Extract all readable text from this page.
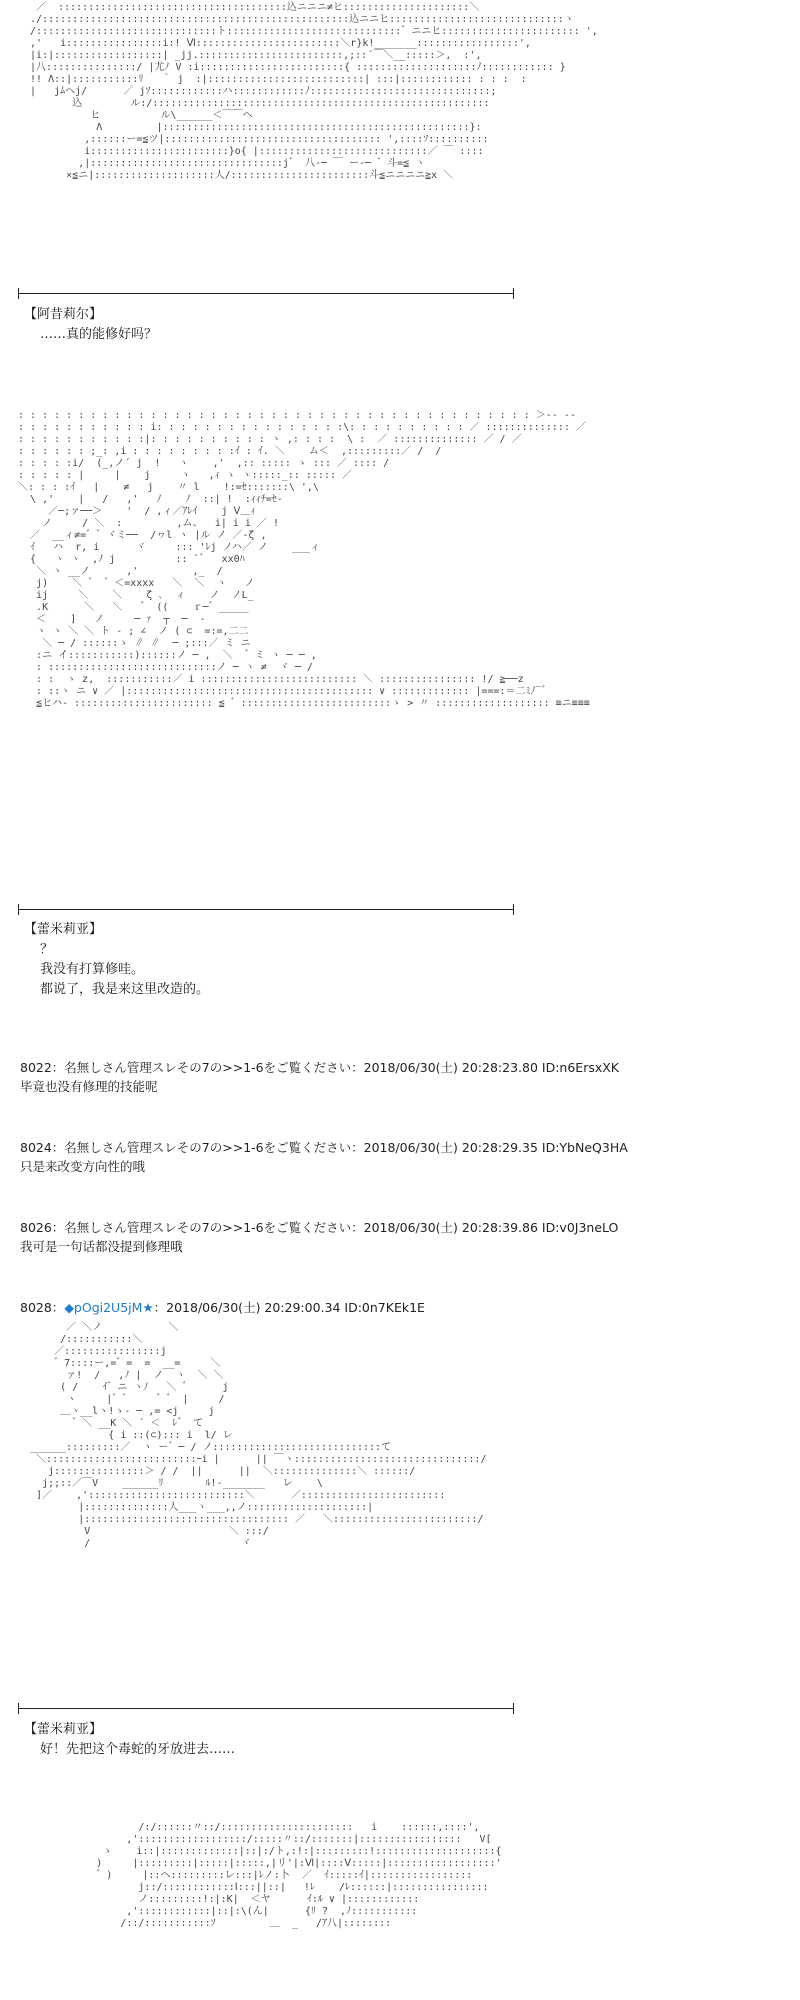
／  ::::::::::::::::::::::::::::::::::::::込ニニニ≠ヒ:::::::::::::::::::::＼
./:::::::::::::::::::::::::::::::::::::::::::::::::::込ニニヒ:::::::::::::::::::::::::::::ヽ
/::::::::::::::::::::::::::::::ト:::::::::::::::::::::::::::::゛ニニヒ::::::::::::::::::::::: ',
,'   i::::::::::::::::i:! Ⅵ::::::::::::::::::::::::＼r}k!_______:::::::::::::::::',
|i:|::::::::::::::::::| _jj.::::::::::::::::::::::::,;::´￣＼__:::::＞,  :',
|八:::::::::::::::/ |尤ﾉ V :i::::::::::::::::::::::::{ ::::::::::::::::::::ﾉ:::::::::::: }
!! Λ::|:::::::::::ﾘ   ｀ j  :|::::::::::::::::::::::::::| :::|:::::::::::: : : :  :
|   jﾑヘj/      ／ jｿ::::::::::::ハ::::::::::::ﾉ::::::::::::::::::::::::::::::;
込        ル:/::::::::::::::::::::::::::::::::::::::::::::::::::::::::
ヒ          ル\______＜￣￣ヘ
Λ         |:::::::::::::::::::::::::::::::::::::::::::::::::::}:
,::::::ー=≦ツ|:::::::::::::::::::::::::::::::::::: ',::::ｿ::::::::::
i:::::::::::::::::::::::}o{ |::::::::::::::::::::::::::::／ ￣ ::::
,|::::::::::::::::::::::::::::::::j゛ 八-─ ￣ ー-─ ゛斗=≦ ヽ
×≦ニ|::::::::::::::::::::人/:::::::::::::::::::::::斗≦ニニニニ≧x ＼
【阿昔莉尔】
……真的能修好吗？
: : : : : : : : : : : : : : : : : : : : : : : : : : : : : : : : : : : : : : : : : : : ＞-- --
: : : : : : : : : : : i: : : : : : : : : : : : : : : :\: : : : : : : : : : ／ :::::::::::::: ／
: : : : : : : : : : :|: : : : : : : : : : ヽ ,: : : :  \ :  ／ :::::::::::::: ／ / ／
: : : : : : ;_: ,i : : : : : : : : :ｲ : ｲ. ＼    ム＜  ,:::::::::／ /  /
: : : : :i/  (_,ノ´ j  !   ヽ    ,'  ,:: ::::: ゝ ::: ／ :::: /
: : : : : |     |    j     ヽ   ,ｨ ゝ ヽ:::::_:: ::::: ／
＼: : : :ｲ   |    ≠   j    〃 l    !:=ｾ:::::::\ ',\
\ ,'    |   /   ,'   ﾉ    ﾉ  ::| !  :ｨｨﾁ=ｾ‐
／─;ァ──＞    '  / ,ィ／ｱﾚｲ    j Ⅴ＿ｨ
ノ     / ＼  :         ,ム、  i| i i ／ !
／  __ィ≠=゛゛ヾミ──  /ヮl ヽ |ル ノ ／-ζ ,
ｲ   ハ  r, i      ヾ     ::: 'ﾚj ノハ／ ノ    ___ィ
{   ヽ ヽ  ,ﾉ j          :: `゛  xx0ﾊ
＼ ヽ __ノ      ,'         ,_  /
j)    ＼ ゛ ゛＜=xxxx   ＼  ＼  ヽ   ノ
ij     ＼    ＼    ζ ､  ィ    ノ  ノL_
.K      ＼   ＼   ゛ ((    ｒ─゛_____
＜    ]   ノ     ─ ｧ  ┬  ─  ‐
ヽ ヽ ＼ ＼ ト ‐ ; ∠  ノ ( ⊂  =:=,二二
＼ ─ / ::::::ゝ ∥ ∥  ─ ;:::／ ミ ニ
:ニ イ:::::::::::)::::::ノ ─ ,  ＼  ゛ミ ヽ ─ ─ ,
: ::::::::::::::::::::::::::::ノ ─ ヽ ≠  ヾ ─ /
: :  ゝ z,  :::::::::::／ i :::::::::::::::::::::::::: ＼ :::::::::::::::: !/ ≧──z
: ::ヽ ニ ∨ ／ |::::::::::::::::::::::::::::::::::::::::: ∨ ::::::::::::: |===:＝二ﾐﾉ‾゛
≦ヒハ- ::::::::::::::::::::::: ≦ ゛:::::::::::::::::::::::::ゝ > 〃 ::::::::::::::::::: ≡ニ≡≡≡
【蕾米莉亚】
？
我没有打算修哇。
都说了，我是来这里改造的。
8022：名無しさん管理スレその7の>>1-6をご覧ください：2018/06/30(土) 20:28:23.80 ID:n6ErsxXK
毕竟也没有修理的技能呢
8024：名無しさん管理スレその7の>>1-6をご覧ください：2018/06/30(土) 20:28:29.35 ID:YbNeQ3HA
只是来改变方向性的哦
8026：名無しさん管理スレその7の>>1-6をご覧ください：2018/06/30(土) 20:28:39.86 ID:v0J3neLO
我可是一句话都没提到修理哦
8028：◆pOgi2U5jM★：2018/06/30(土) 20:29:00.34 ID:0n7KEk1E
／ ＼ノ           ＼
/:::::::::::＼
／::::::::::::::::j
゛7::::ー,=゛=  =  __=     ＼
ァ!  /   ,ﾉ |  ノ  ヽ  ＼ ＼
( /    ｲ゛ニ ヽﾉ   ＼ ゛     j
ヽ     |゛゛    ゛゛ |     /
＿ヽ__lヽ!ゝ- ─ ,= <j     j
゛＼ __K ＼ ´ ＜  ﾚ゛ て
{ i ::(⊂)::: i  l/ レ
______:::::::::／  ヽ ー゛─ / ノ::::::::::::::::::::::::::::て
＼:::::::::::::::::::::::::ｰi |      || ￣ヽ:::::::::::::::::::::::::::::::/
j:::::::::::::::＞ / /  ||      ||  ＼::::::::::::::＼ ::::::/
j;;::／￣V    ______ﾘ       ﾙ!-_______   レ    \
]／    ,'::::::::::::::::::::::::::＼      ／::::::::::::::::::::::::
|::::::::::::::人___ヽ___,,ノ::::::::::::::::::::|
|:::::::::::::::::::::::::::::::::: ／   ＼::::::::::::::::::::::::/
V                       ＼ :::/
/                         ヾ
【蕾米莉亚】
好！先把这个毒蛇的牙放进去……
/:/::::::〃::/::::::::::::::::::::::   i    ::::::,::::',
,'::::::::::::::::::/:::::〃::/:::::::|:::::::::::::::::   V[
ゝ    i::|:::::::::::::|::|:/ト,:!:|:::::::::!::::::::::::::::::::{
)     |:::::::::|:::::|:::::,|リ'|:Ⅵ|::::Ⅴ:::::|::::::::::::::::::'
゛)     |::ヘ:::::::::レ:::|ﾚノ:卜  ／  ｲ:::::ｲ|:::::::::::::::::
j::/::::::::::::Ⅰ:::||::|   !ﾚ    /ﾚ::::::|::::::::::::::::
ノ:::::::::!:|:K|  ＜ヤ      ｲ:ﾙ ∨ |::::::::::::
,'::::::::::::|::|:\(ん|      {ﾘ ?  ,ﾉ:::::::::::
/::/:::::::::::ｿ         ＿  _   /ｱ八|::::::::
